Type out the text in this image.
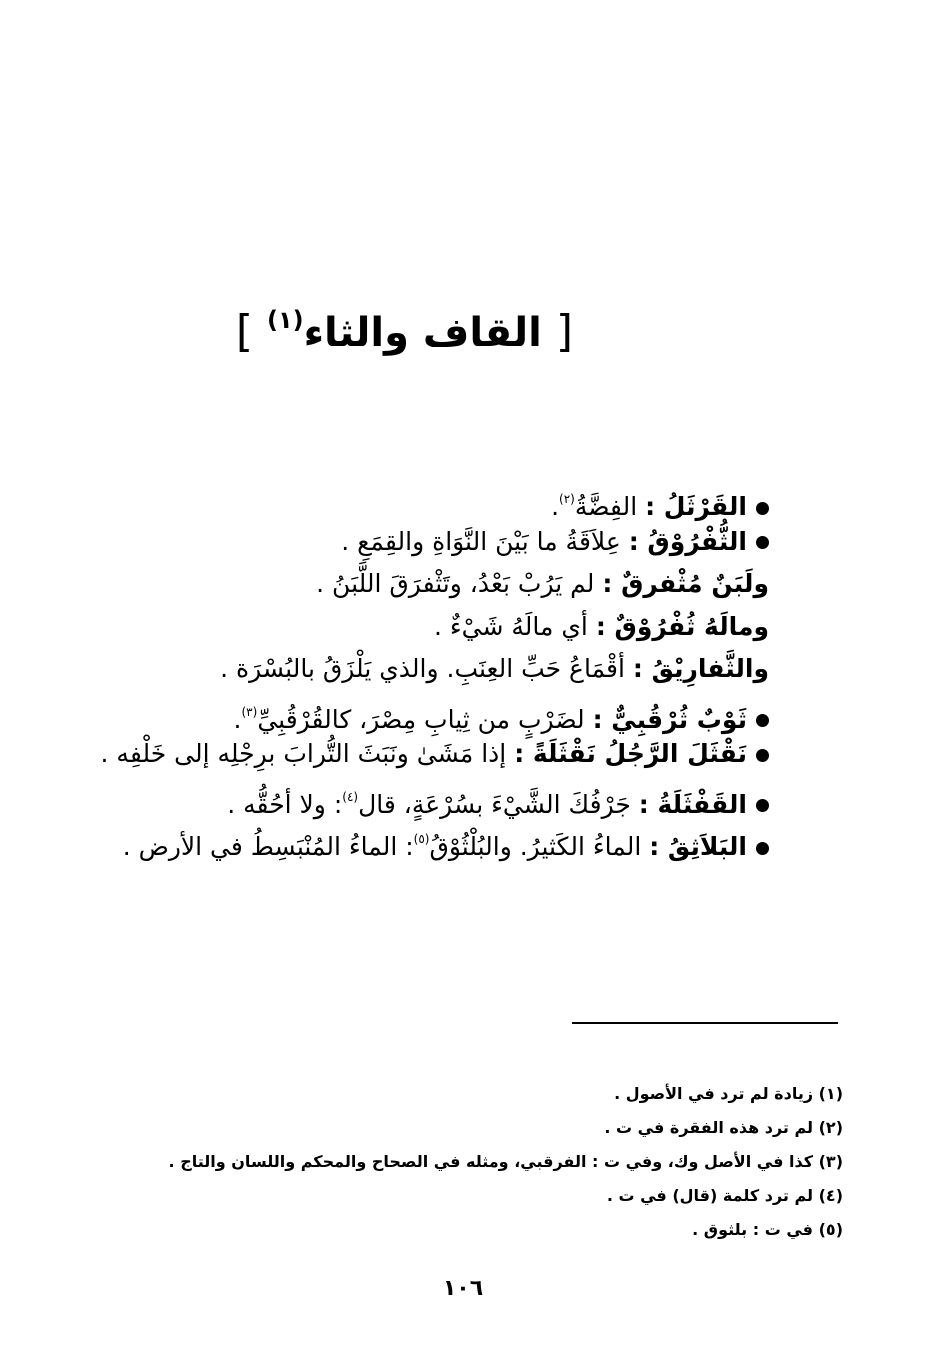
[ القاف والثاء$^{(١)}$ ]
القَرْثَلُ : الفِضَّةُ$^{(٢)}$.
الثُّفْرُوْقُ : عِلاَقَةُ ما بَيْنَ النَّوَاةِ والقِمَعِ .
ولَبَنٌ مُثْفرقٌ : لم يَرُبْ بَعْدُ، وتَثْفرَقَ اللَّبَنُ .
ومالَهُ ثُفْرُوْقٌ : أي مالَهُ شَيْءٌ .
والثَّفارِيْقُ : أقْمَاعُ حَبِّ العِنَبِ. والذي يَلْزَقُ بالبُسْرَة .
ثَوْبٌ ثُرْقُبِيٌّ : لضَرْبٍ من ثِيابِ مِصْرَ، كالقُرْقُبِيِّ$^{(٣)}$.
نَقْثَلَ الرَّجُلُ نَقْثَلَةً : إذا مَشَىٰ ونَبَثَ التُّرابَ برِجْلِه إلى خَلْفِه .
القَفْثَلَةُ : جَرْفُكَ الشَّيْءَ بسُرْعَةٍ، قال$^{(٤)}$: ولا أحُقُّه .
البَلاَثِقُ : الماءُ الكَثيرُ. والبُلْثُوْقُ$^{(٥)}$: الماءُ المُنْبَسِطُ في الأرض .
(١) زيادة لم ترد في الأصول .
(٢) لم ترد هذه الفقرة في ت .
(٣) كذا في الأصل وك، وفي ت : الفرقبي، ومثله في الصحاح والمحكم واللسان والتاج .
(٤) لم ترد كلمة (قال) في ت .
(٥) في ت : بلثوق .
١٠٦
